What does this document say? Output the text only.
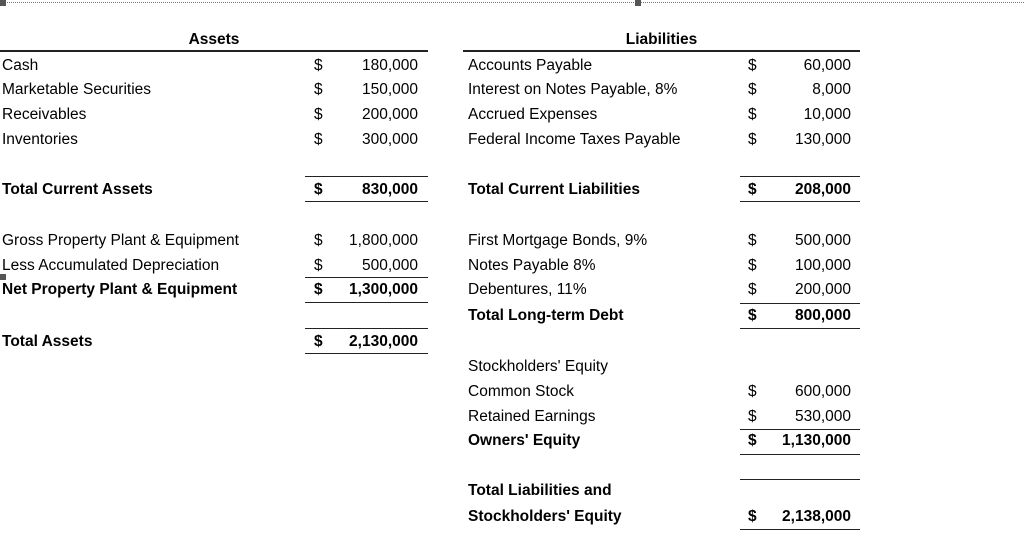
Assets	Liabilities
Cash	$	180,000
Marketable Securities	$	150,000
Receivables	$	200,000
Inventories	$	300,000
Total Current Assets	$	830,000
Gross Property Plant & Equipment	$ 1,800,000
Less Accumulated Depreciation	$	500,000
Net Property Plant & Equipment	$ 1,300,000
Total Assets	$ 2,130,000
Accounts Payable	$	60,000
Interest on Notes Payable, 8%	$	8,000
Accrued Expenses	$	10,000
Federal Income Taxes Payable	$ 130,000
Total Current Liabilities	$ 208,000
First Mortgage Bonds, 9%	$ 500,000
Notes Payable 8%	$ 100,000
Debentures, 11%	$ 200,000
Total Long-term Debt	$ 800,000
Stockholders' Equity
Common Stock	$ 600,000
Retained Earnings	$ 530,000
Owners' Equity	$ 1,130,000
Total Liabilities and
Stockholders' Equity	$ 2,138,000
